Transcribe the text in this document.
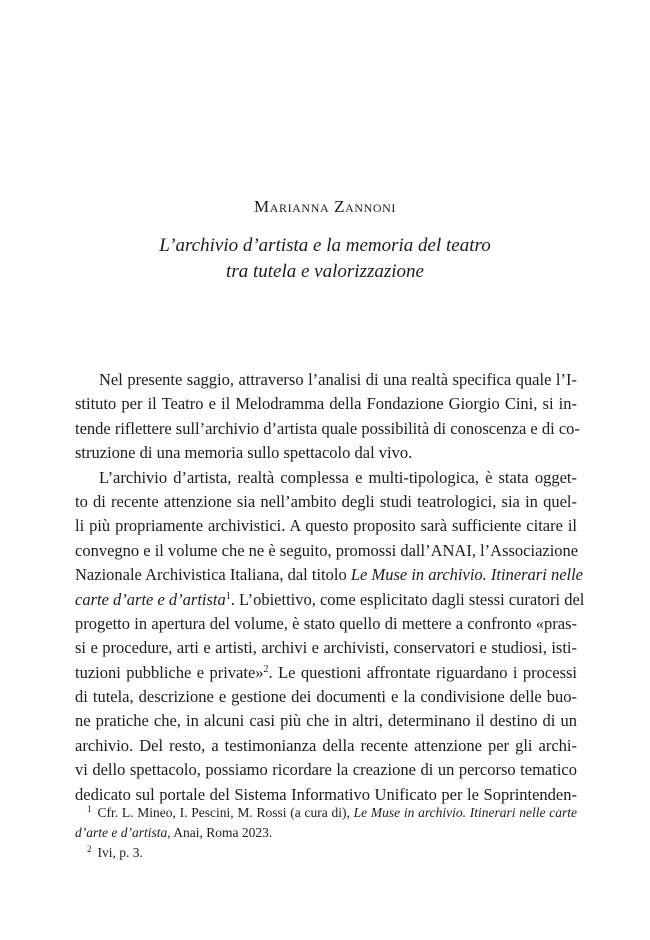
Marianna Zannoni
L’archivio d’artista e la memoria del teatro
tra tutela e valorizzazione
Nel presente saggio, attraverso l’analisi di una realtà specifica quale l’I-
stituto per il Teatro e il Melodramma della Fondazione Giorgio Cini, si in-
tende riflettere sull’archivio d’artista quale possibilità di conoscenza e di co-
struzione di una memoria sullo spettacolo dal vivo.
L’archivio d’artista, realtà complessa e multi-tipologica, è stata ogget-
to di recente attenzione sia nell’ambito degli studi teatrologici, sia in quel-
li più propriamente archivistici. A questo proposito sarà sufficiente citare il
convegno e il volume che ne è seguito, promossi dall’ANAI, l’Associazione
Nazionale Archivistica Italiana, dal titolo Le Muse in archivio. Itinerari nelle
carte d’arte e d’artista$^1$. L’obiettivo, come esplicitato dagli stessi curatori del
progetto in apertura del volume, è stato quello di mettere a confronto «pras-
si e procedure, arti e artisti, archivi e archivisti, conservatori e studiosi, isti-
tuzioni pubbliche e private»$^2$. Le questioni affrontate riguardano i processi
di tutela, descrizione e gestione dei documenti e la condivisione delle buo-
ne pratiche che, in alcuni casi più che in altri, determinano il destino di un
archivio. Del resto, a testimonianza della recente attenzione per gli archi-
vi dello spettacolo, possiamo ricordare la creazione di un percorso tematico
dedicato sul portale del Sistema Informativo Unificato per le Soprintenden-
$^1$ Cfr. L. Mineo, I. Pescini, M. Rossi (a cura di), Le Muse in archivio. Itinerari nelle carte
d’arte e d’artista, Anai, Roma 2023.
$^2$ Ivi, p. 3.
